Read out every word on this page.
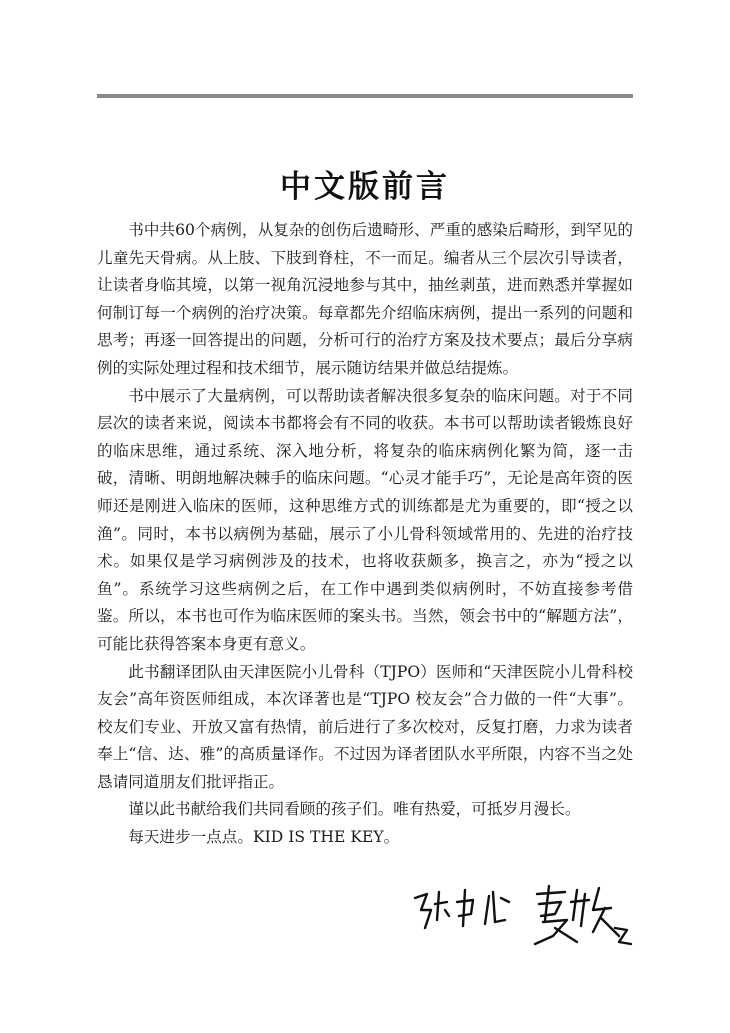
中文版前言

书中共60个病例，从复杂的创伤后遗畸形、严重的感染后畸形，到罕见的儿童先天骨病。从上肢、下肢到脊柱，不一而足。编者从三个层次引导读者，让读者身临其境，以第一视角沉浸地参与其中，抽丝剥茧，进而熟悉并掌握如何制订每一个病例的治疗决策。每章都先介绍临床病例，提出一系列的问题和思考；再逐一回答提出的问题，分析可行的治疗方案及技术要点；最后分享病例的实际处理过程和技术细节，展示随访结果并做总结提炼。

书中展示了大量病例，可以帮助读者解决很多复杂的临床问题。对于不同层次的读者来说，阅读本书都将会有不同的收获。本书可以帮助读者锻炼良好的临床思维，通过系统、深入地分析，将复杂的临床病例化繁为简，逐一击破，清晰、明朗地解决棘手的临床问题。“心灵才能手巧”，无论是高年资的医师还是刚进入临床的医师，这种思维方式的训练都是尤为重要的，即“授之以渔”。同时，本书以病例为基础，展示了小儿骨科领域常用的、先进的治疗技术。如果仅是学习病例涉及的技术，也将收获颇多，换言之，亦为“授之以鱼”。系统学习这些病例之后，在工作中遇到类似病例时，不妨直接参考借鉴。所以，本书也可作为临床医师的案头书。当然，领会书中的“解题方法”，可能比获得答案本身更有意义。

此书翻译团队由天津医院小儿骨科（TJPO）医师和“天津医院小儿骨科校友会”高年资医师组成，本次译著也是“TJPO 校友会”合力做的一件“大事”。校友们专业、开放又富有热情，前后进行了多次校对，反复打磨，力求为读者奉上“信、达、雅”的高质量译作。不过因为译者团队水平所限，内容不当之处恳请同道朋友们批评指正。

谨以此书献给我们共同看顾的孩子们。唯有热爱，可抵岁月漫长。

每天进步一点点。KID IS THE KEY。
